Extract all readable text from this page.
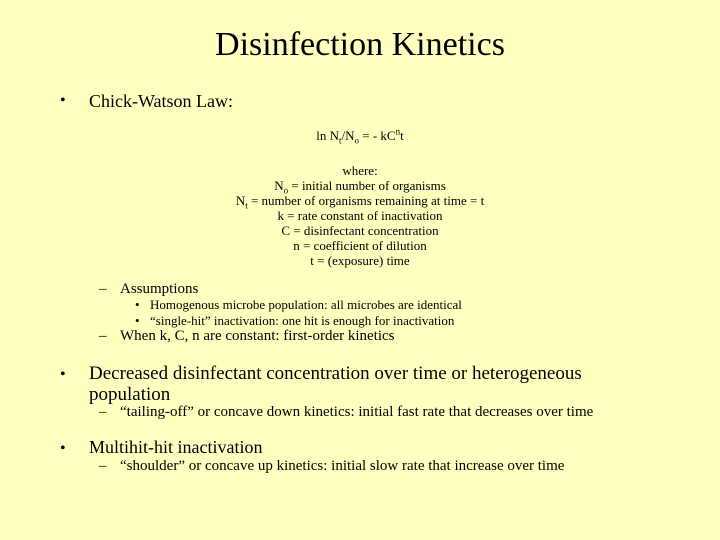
Disinfection Kinetics
• Chick-Watson Law:
$\ln N_t/N_o$ = - $kC^nt$
where:
$N_o$ = initial number of organisms
$N_t$ = number of organisms remaining at time = t
k = rate constant of inactivation
C = disinfectant concentration
n = coefficient of dilution
t = (exposure) time
– Assumptions
• Homogenous microbe population: all microbes are identical
• “single-hit” inactivation: one hit is enough for inactivation
– When k, C, n are constant: first-order kinetics
• Decreased disinfectant concentration over time or heterogeneous population
– “tailing-off” or concave down kinetics: initial fast rate that decreases over time
• Multihit-hit inactivation
– “shoulder” or concave up kinetics: initial slow rate that increase over time
